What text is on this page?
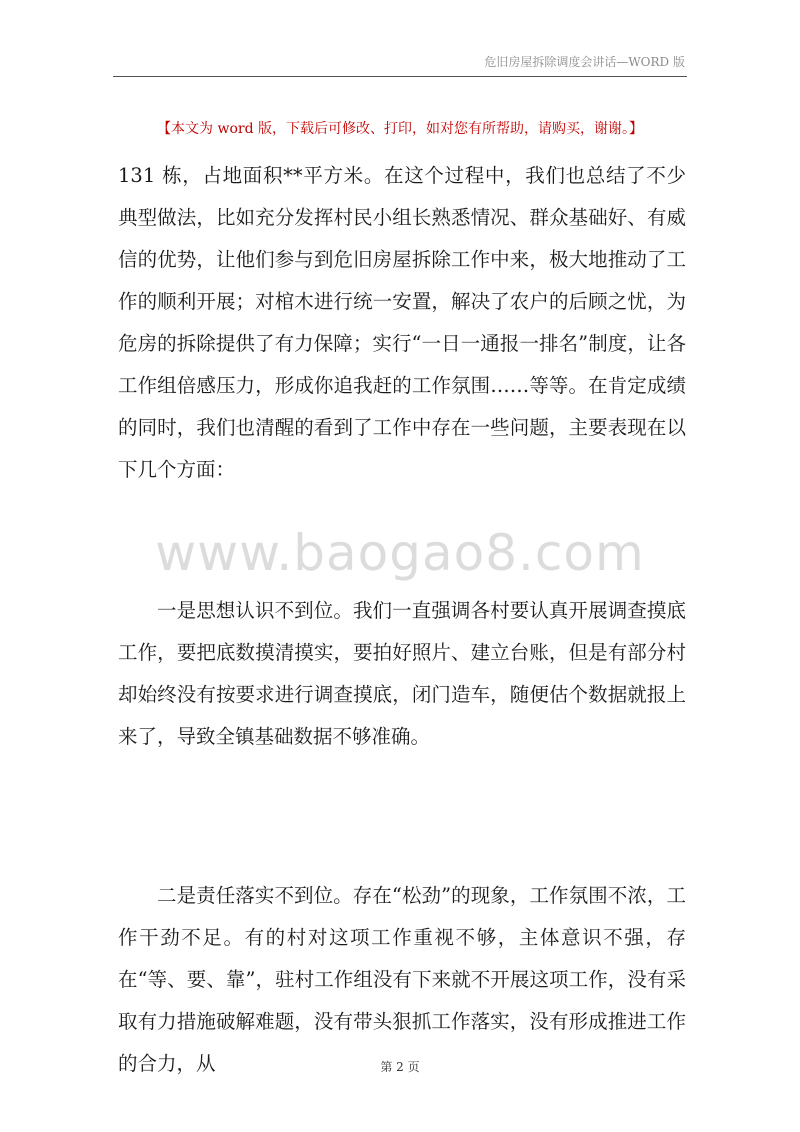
危旧房屋拆除调度会讲话—WORD 版
【本文为 word 版，下载后可修改、打印，如对您有所帮助，请购买，谢谢。】
131 栋，占地面积**平方米。在这个过程中，我们也总结了不少典型做法，比如充分发挥村民小组长熟悉情况、群众基础好、有威信的优势，让他们参与到危旧房屋拆除工作中来，极大地推动了工作的顺利开展；对棺木进行统一安置，解决了农户的后顾之忧，为危房的拆除提供了有力保障；实行“一日一通报一排名”制度，让各工作组倍感压力，形成你追我赶的工作氛围……等等。在肯定成绩的同时，我们也清醒的看到了工作中存在一些问题，主要表现在以下几个方面：
www.baogao8.com
一是思想认识不到位。我们一直强调各村要认真开展调查摸底工作，要把底数摸清摸实，要拍好照片、建立台账，但是有部分村却始终没有按要求进行调查摸底，闭门造车，随便估个数据就报上来了，导致全镇基础数据不够准确。
二是责任落实不到位。存在“松劲”的现象，工作氛围不浓，工作干劲不足。有的村对这项工作重视不够，主体意识不强，存在“等、要、靠”，驻村工作组没有下来就不开展这项工作，没有采取有力措施破解难题，没有带头狠抓工作落实，没有形成推进工作的合力，从	第 2 页
